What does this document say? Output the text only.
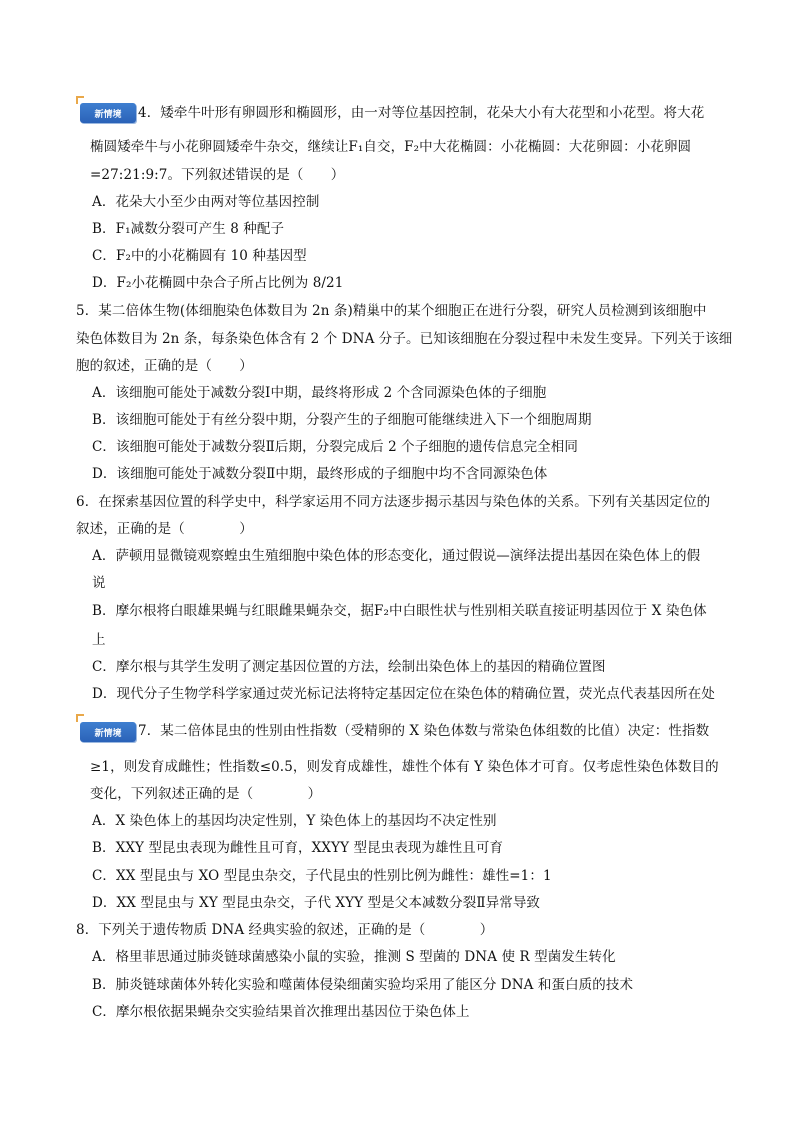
新情境	4．矮牵牛叶形有卵圆形和椭圆形，由一对等位基因控制，花朵大小有大花型和小花型。将大花
椭圆矮牵牛与小花卵圆矮牵牛杂交，继续让F₁自交，F₂中大花椭圆：小花椭圆：大花卵圆：小花卵圆
=27:21:9:7。下列叙述错误的是（　　）
A．花朵大小至少由两对等位基因控制
B．F₁减数分裂可产生 8 种配子
C．F₂中的小花椭圆有 10 种基因型
D．F₂小花椭圆中杂合子所占比例为 8/21
5．某二倍体生物(体细胞染色体数目为 2n 条)精巢中的某个细胞正在进行分裂，研究人员检测到该细胞中
染色体数目为 2n 条，每条染色体含有 2 个 DNA 分子。已知该细胞在分裂过程中未发生变异。下列关于该细
胞的叙述，正确的是（　　）
A．该细胞可能处于减数分裂Ⅰ中期，最终将形成 2 个含同源染色体的子细胞
B．该细胞可能处于有丝分裂中期，分裂产生的子细胞可能继续进入下一个细胞周期
C．该细胞可能处于减数分裂Ⅱ后期，分裂完成后 2 个子细胞的遗传信息完全相同
D．该细胞可能处于减数分裂Ⅱ中期，最终形成的子细胞中均不含同源染色体
6．在探索基因位置的科学史中，科学家运用不同方法逐步揭示基因与染色体的关系。下列有关基因定位的
叙述，正确的是（　　　　）
A．萨顿用显微镜观察蝗虫生殖细胞中染色体的形态变化，通过假说—演绎法提出基因在染色体上的假
说
B．摩尔根将白眼雄果蝇与红眼雌果蝇杂交，据F₂中白眼性状与性别相关联直接证明基因位于 X 染色体
上
C．摩尔根与其学生发明了测定基因位置的方法，绘制出染色体上的基因的精确位置图
D．现代分子生物学科学家通过荧光标记法将特定基因定位在染色体的精确位置，荧光点代表基因所在处
新情境	7．某二倍体昆虫的性别由性指数（受精卵的 X 染色体数与常染色体组数的比值）决定：性指数
≥1，则发育成雌性；性指数≤0.5，则发育成雄性，雄性个体有 Y 染色体才可育。仅考虑性染色体数目的
变化，下列叙述正确的是（　　　　）
A．X 染色体上的基因均决定性别，Y 染色体上的基因均不决定性别
B．XXY 型昆虫表现为雌性且可育，XXYY 型昆虫表现为雄性且可育
C．XX 型昆虫与 XO 型昆虫杂交，子代昆虫的性别比例为雌性：雄性=1：1
D．XX 型昆虫与 XY 型昆虫杂交，子代 XYY 型是父本减数分裂Ⅱ异常导致
8．下列关于遗传物质 DNA 经典实验的叙述，正确的是（　　　　）
A．格里菲思通过肺炎链球菌感染小鼠的实验，推测 S 型菌的 DNA 使 R 型菌发生转化
B．肺炎链球菌体外转化实验和噬菌体侵染细菌实验均采用了能区分 DNA 和蛋白质的技术
C．摩尔根依据果蝇杂交实验结果首次推理出基因位于染色体上
